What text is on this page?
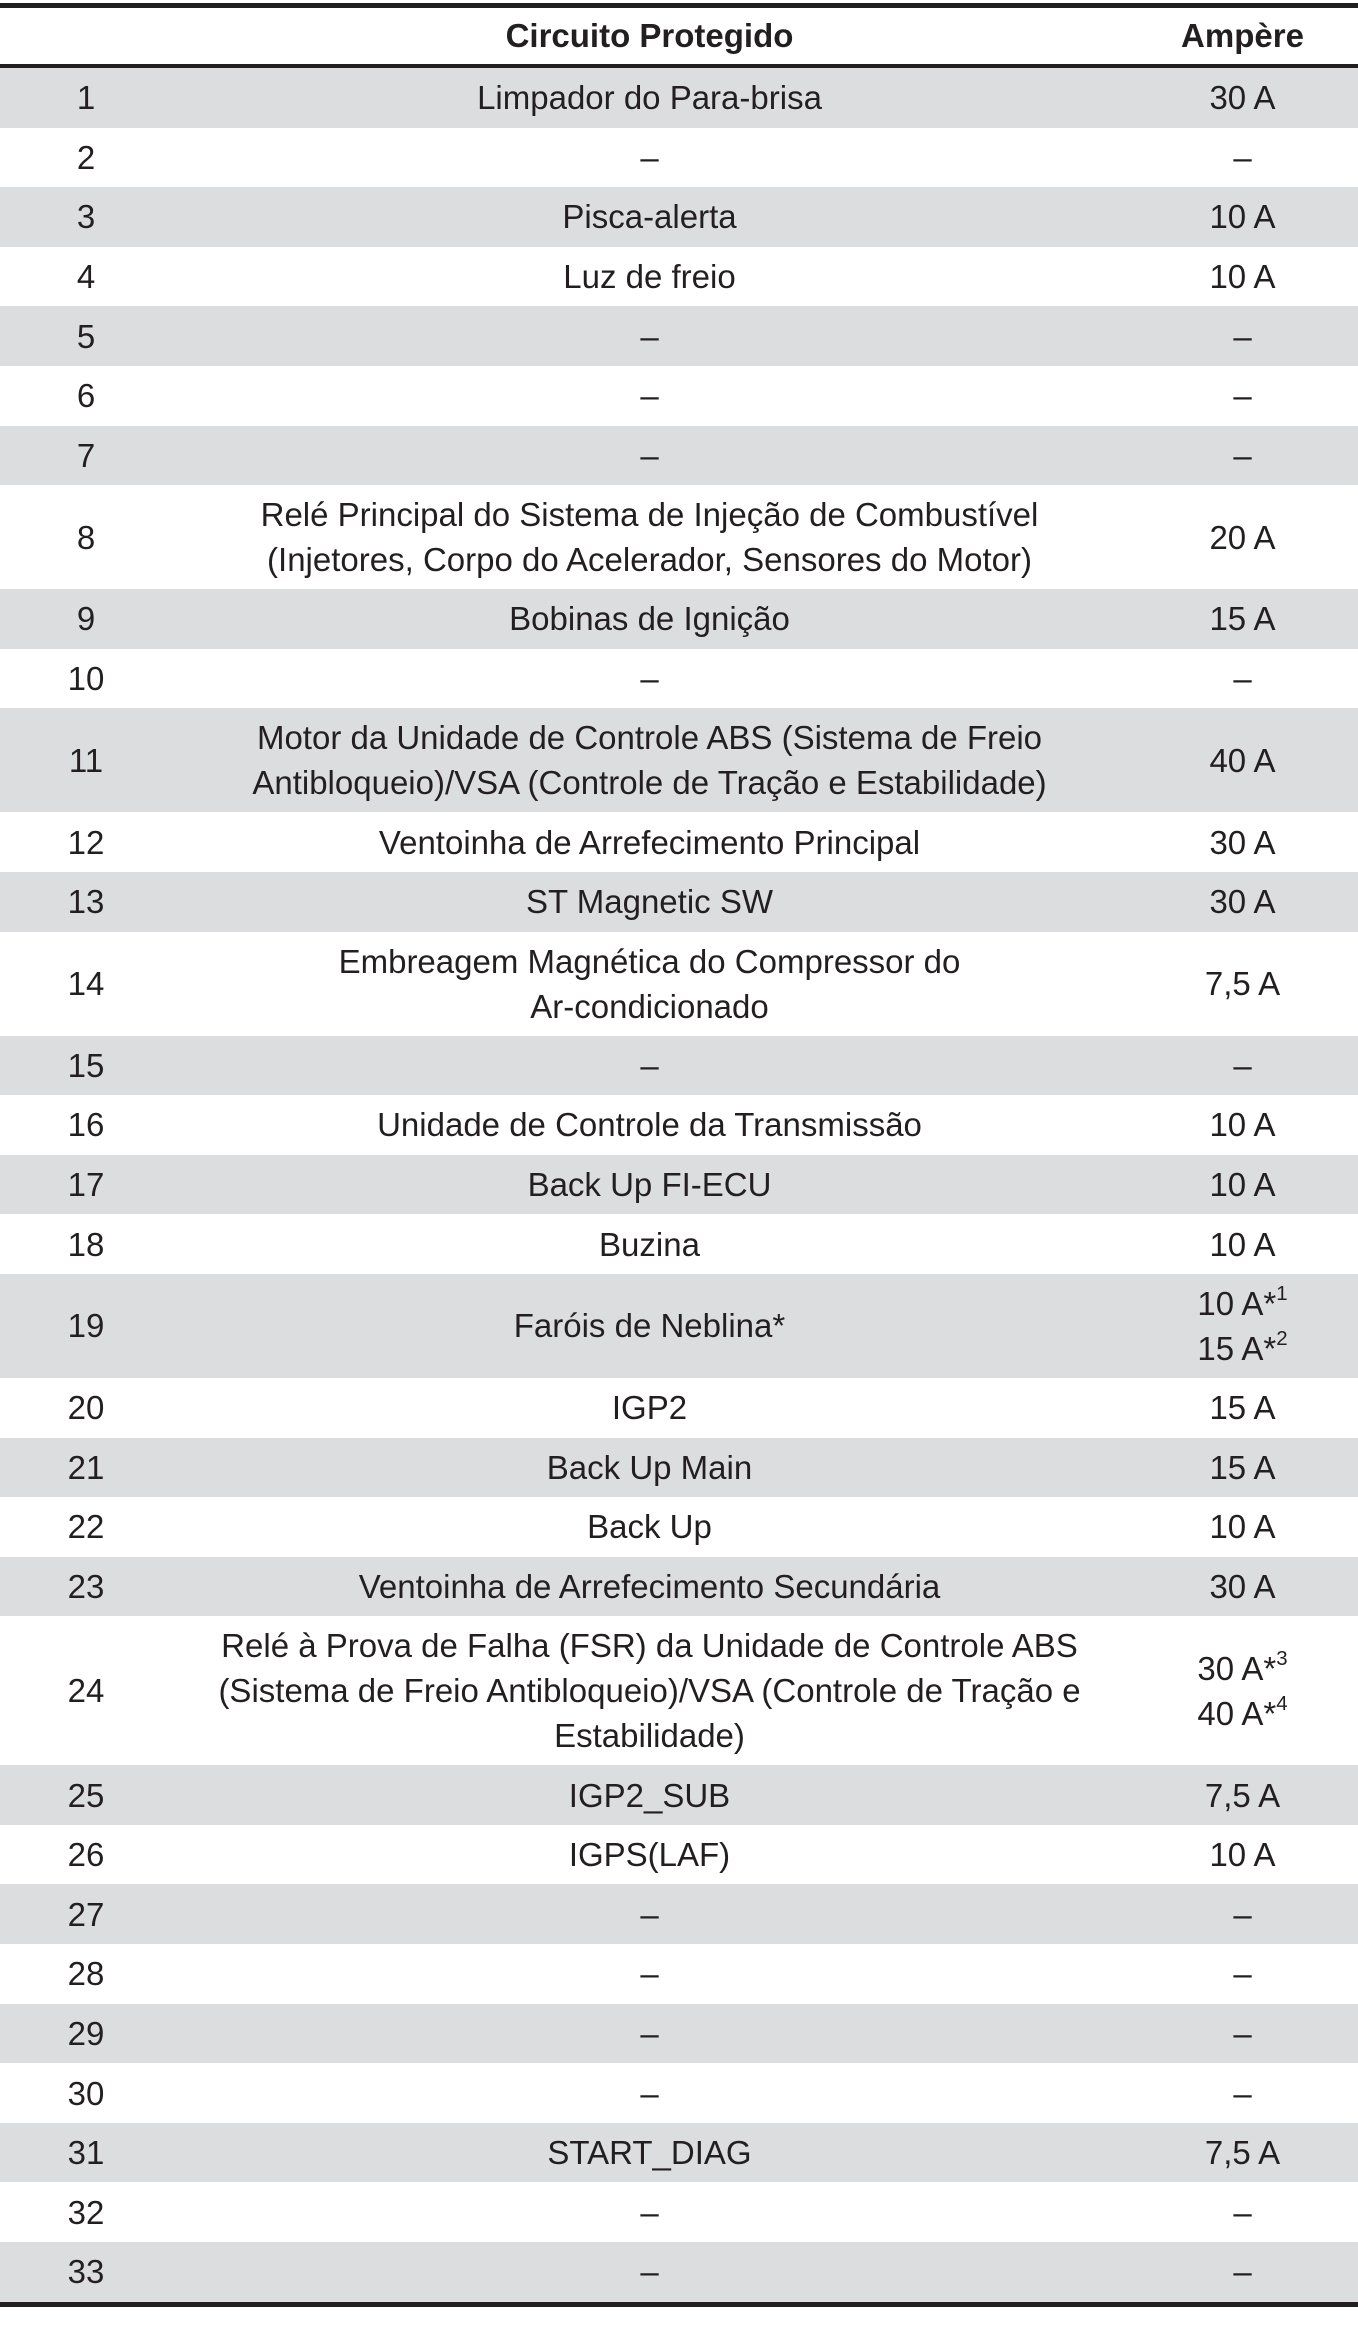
	Circuito Protegido	Ampère
1	Limpador do Para-brisa	30 A

2	–	–

3	Pisca-alerta	10 A

4	Luz de freio	10 A

5	–	–

6	–	–

7	–	–

8	Relé Principal do Sistema de Injeção de Combustível
(Injetores, Corpo do Acelerador, Sensores do Motor)	20 A

9	Bobinas de Ignição	15 A

10	–	–

11	Motor da Unidade de Controle ABS (Sistema de Freio
Antibloqueio)/VSA (Controle de Tração e Estabilidade)	40 A

12	Ventoinha de Arrefecimento Principal	30 A

13	ST Magnetic SW	30 A

14	Embreagem Magnética do Compressor do
Ar-condicionado	7,5 A

15	–	–

16	Unidade de Controle da Transmissão	10 A

17	Back Up FI-ECU	10 A

18	Buzina	10 A

19	Faróis de Neblina*	10 A*$^1$
15 A*$^2$

20	IGP2	15 A

21	Back Up Main	15 A

22	Back Up	10 A

23	Ventoinha de Arrefecimento Secundária	30 A

24	Relé à Prova de Falha (FSR) da Unidade de Controle ABS
(Sistema de Freio Antibloqueio)/VSA (Controle de Tração e
Estabilidade)	30 A*$^3$
40 A*$^4$

25	IGP2_SUB	7,5 A

26	IGPS(LAF)	10 A

27	–	–

28	–	–

29	–	–

30	–	–

31	START_DIAG	7,5 A

32	–	–

33	–	–
